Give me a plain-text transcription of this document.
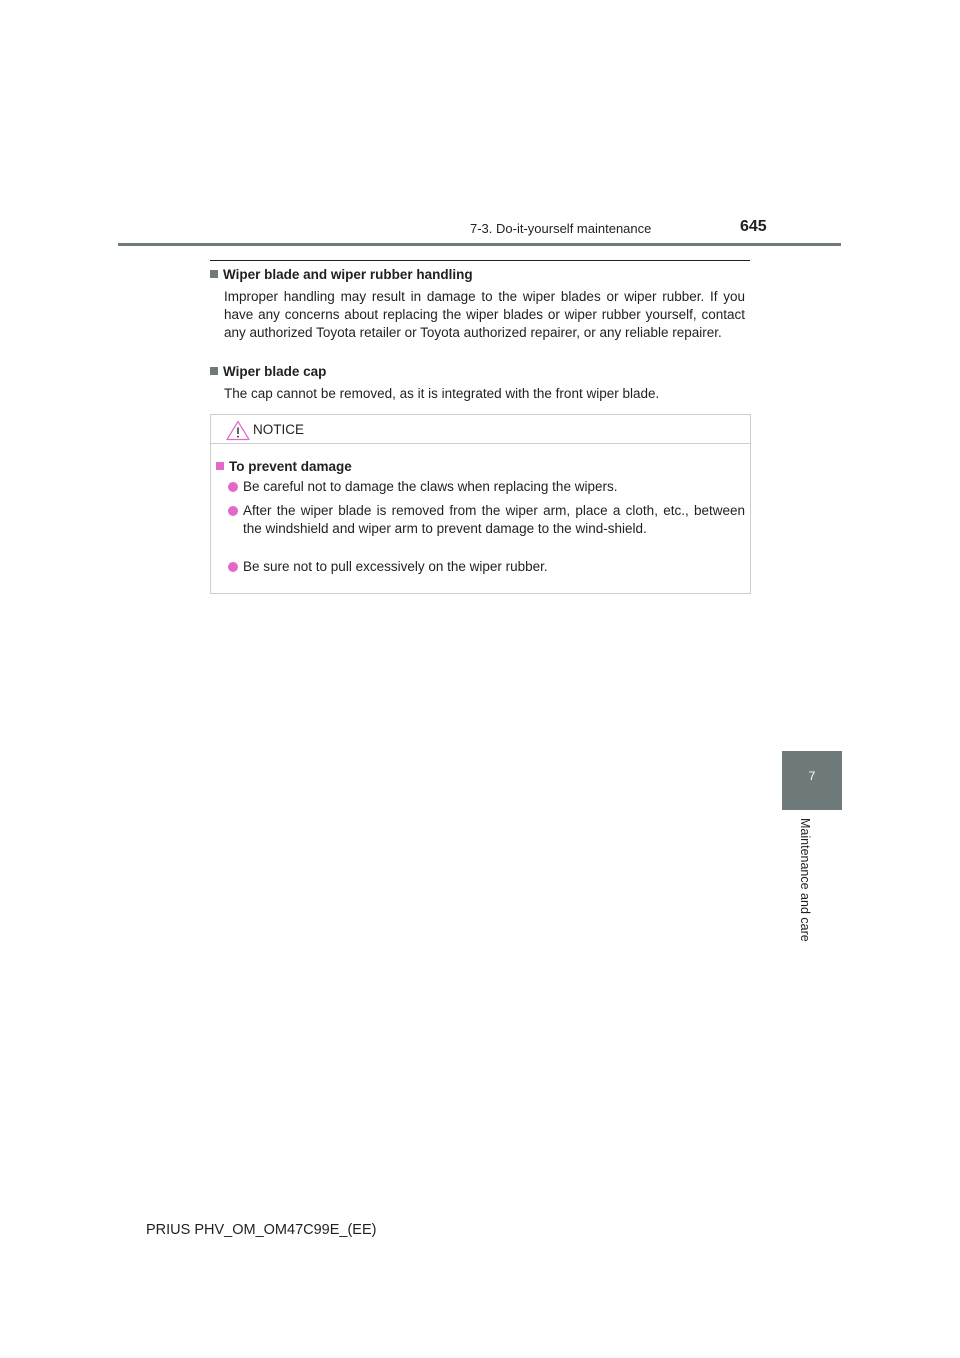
7-3. Do-it-yourself maintenance	645
Wiper blade and wiper rubber handling
Improper handling may result in damage to the wiper blades or wiper rubber. If you have any concerns about replacing the wiper blades or wiper rubber yourself, contact any authorized Toyota retailer or Toyota authorized repairer, or any reliable repairer.
Wiper blade cap
The cap cannot be removed, as it is integrated with the front wiper blade.
NOTICE
To prevent damage
Be careful not to damage the claws when replacing the wipers.
After the wiper blade is removed from the wiper arm, place a cloth, etc., between the windshield and wiper arm to prevent damage to the wind-shield.
Be sure not to pull excessively on the wiper rubber.
7
Maintenance and care
PRIUS PHV_OM_OM47C99E_(EE)
